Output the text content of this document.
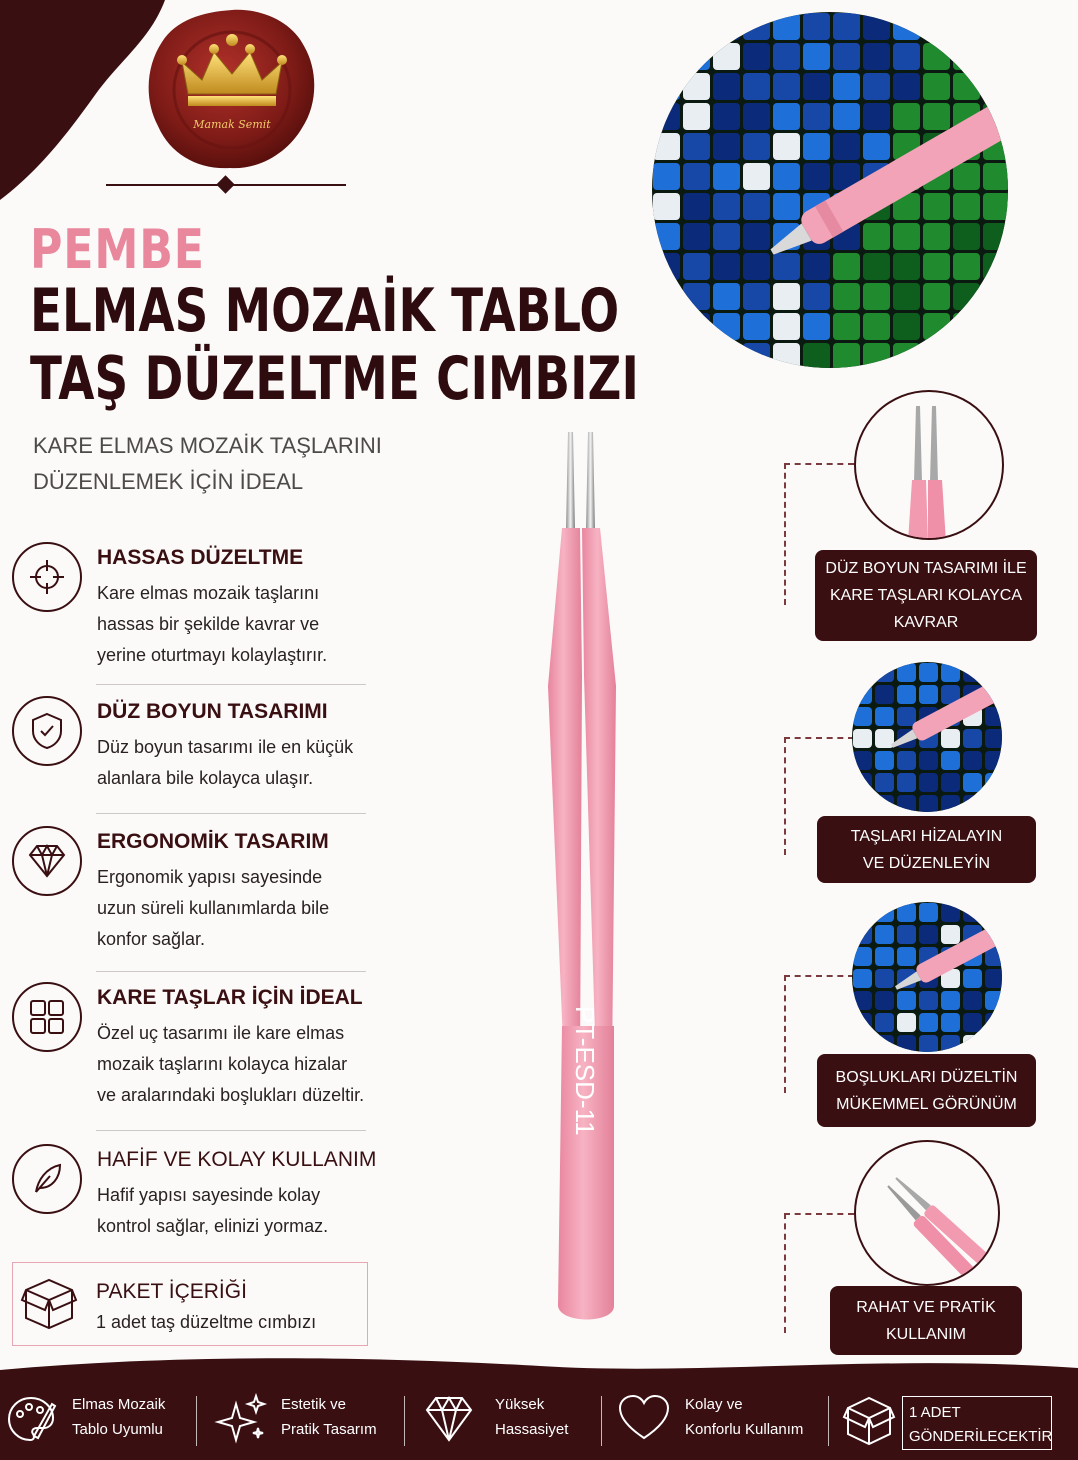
Mamak Semit
PEMBE
ELMAS MOZAİK TABLO
TAŞ DÜZELTME CIMBIZI
KARE ELMAS MOZAİK TAŞLARINI
DÜZENLEMEK İÇİN İDEAL
HASSAS DÜZELTME
Kare elmas mozaik taşlarını
hassas bir şekilde kavrar ve
yerine oturtmayı kolaylaştırır.
DÜZ BOYUN TASARIMI
Düz boyun tasarımı ile en küçük
alanlara bile kolayca ulaşır.
ERGONOMİK TASARIM
Ergonomik yapısı sayesinde
uzun süreli kullanımlarda bile
konfor sağlar.
KARE TAŞLAR İÇİN İDEAL
Özel uç tasarımı ile kare elmas
mozaik taşlarını kolayca hizalar
ve aralarındaki boşlukları düzeltir.
HAFİF VE KOLAY KULLANIM
Hafif yapısı sayesinde kolay
kontrol sağlar, elinizi yormaz.
PAKET İÇERİĞİ
1 adet taş düzeltme cımbızı
PT-ESD-11
DÜZ BOYUN TASARIMI İLE
KARE TAŞLARI KOLAYCA
KAVRAR
TAŞLARI HİZALAYIN
VE DÜZENLEYİN
BOŞLUKLARI DÜZELTİN
MÜKEMMEL GÖRÜNÜM
RAHAT VE PRATİK
KULLANIM
Elmas Mozaik
Tablo Uyumlu
Estetik ve
Pratik Tasarım
Yüksek
Hassasiyet
Kolay ve
Konforlu Kullanım
1 ADET
GÖNDERİLECEKTİR
